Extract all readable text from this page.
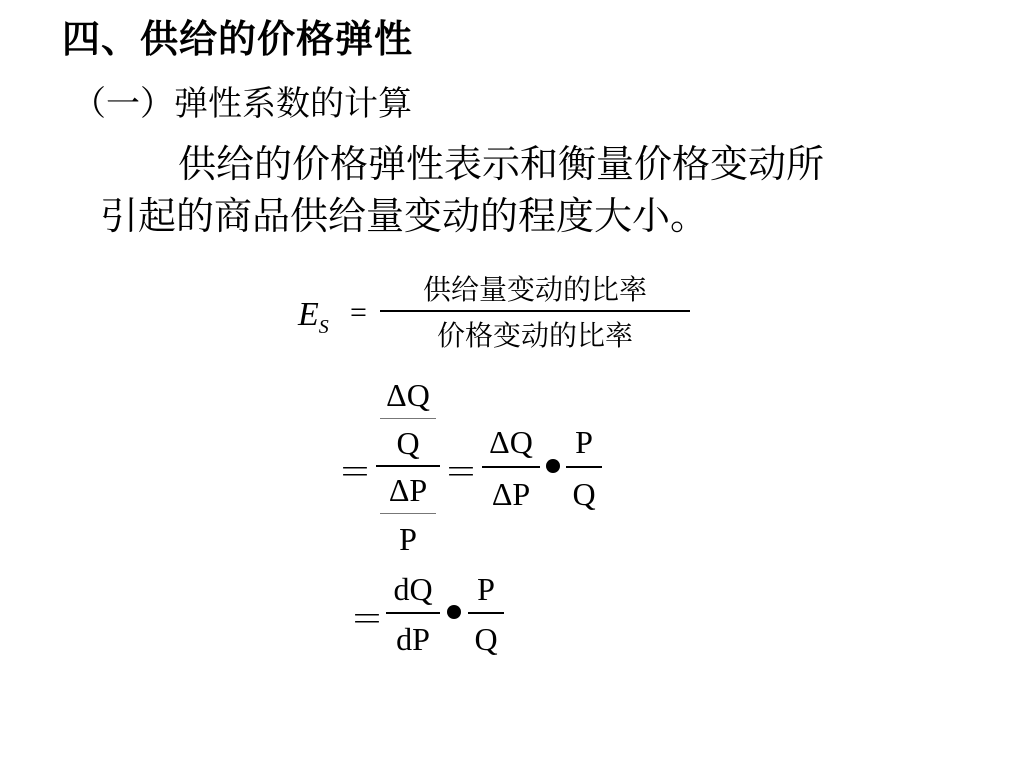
四、供给的价格弹性
（一）弹性系数的计算
供给的价格弹性表示和衡量价格变动所
引起的商品供给量变动的程度大小。
$E_S$ =
供给量变动的比率
价格变动的比率
＝
ΔQ
Q
ΔP
P
＝
ΔQ
ΔP
P
Q
＝
dQ
dP
P
Q
